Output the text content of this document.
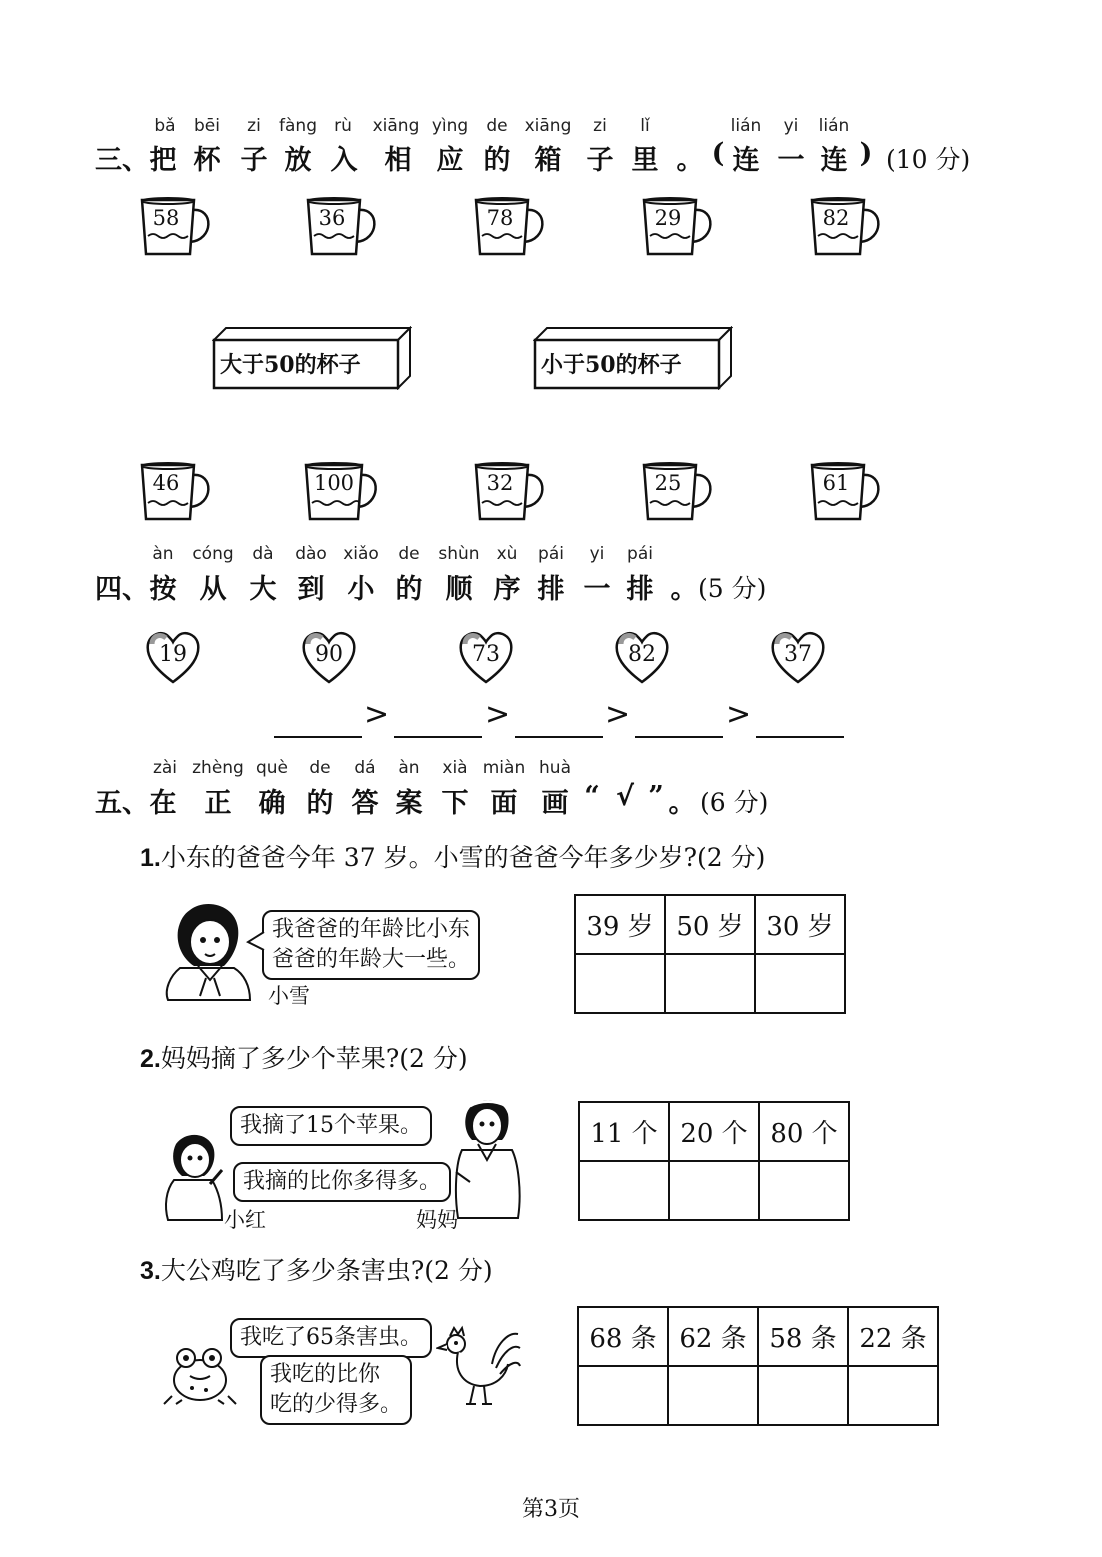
bǎ	bēi	zi	fàng	rù	xiāng yìng	de xiāng	zi	lǐ	lián	yi	lián
三、 把 杯 子 放 入	相 应 的 箱 子 里 。 ( 连 一 连 ) (10 分)
58	36	78	29	82
大于50的杯子	小于50的杯子
46	100	32	25	61
àn	cóng	dà	dào xiǎo	de	shùn xù	pái	yi	pái
四、 按 从 大 到 小 的 顺 序 排 一 排 。 (5 分)
19	90	73	82	37
>	>	>	>
zài zhèng què	de	dá	àn	xià miàn huà
五、 在	正	确 的 答 案 下 面 画 “ √ ” 。 (6 分)
1.小东的爸爸今年 37 岁。小雪的爸爸今年多少岁?(2 分)
我爸爸的年龄比小东
爸爸的年龄大一些。
小雪
39 岁	50 岁	30 岁

2.妈妈摘了多少个苹果?(2 分)
我摘了15个苹果。
我摘的比你多得多。
小红	妈妈
11 个	20 个	80 个

3.大公鸡吃了多少条害虫?(2 分)
我吃了65条害虫。
我吃的比你
吃的少得多。
68 条	62 条	58 条	22 条

第3页
